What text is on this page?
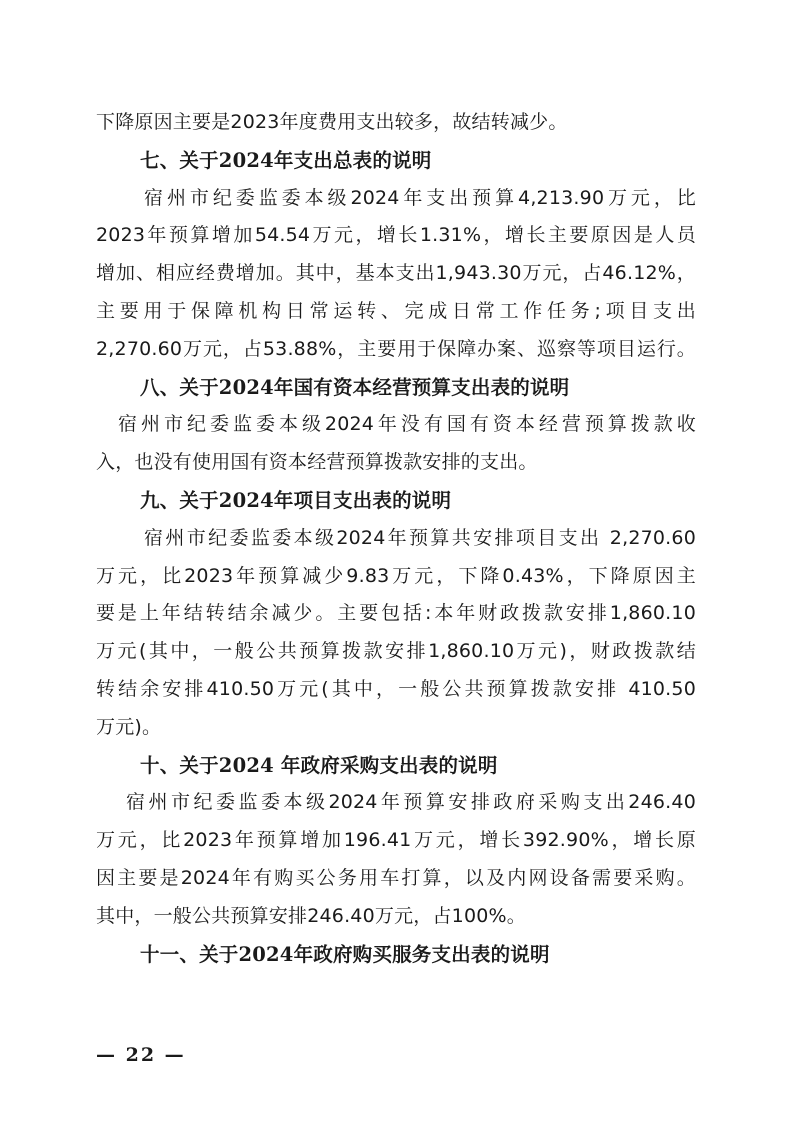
下降原因主要是2023年度费用支出较多，故结转减少。
七、关于2024年支出总表的说明
宿州市纪委监委本级2024年支出预算4,213.90万元，比
2023年预算增加54.54万元，增长1.31%，增长主要原因是人员
增加、相应经费增加。其中，基本支出1,943.30万元，占46.12%，
主要用于保障机构日常运转、完成日常工作任务;项目支出
2,270.60万元，占53.88%，主要用于保障办案、巡察等项目运行。
八、关于2024年国有资本经营预算支出表的说明
宿州市纪委监委本级2024年没有国有资本经营预算拨款收
入，也没有使用国有资本经营预算拨款安排的支出。
九、关于2024年项目支出表的说明
宿州市纪委监委本级2024年预算共安排项目支出 2,270.60
万元，比2023年预算减少9.83万元，下降0.43%，下降原因主
要是上年结转结余减少。主要包括:本年财政拨款安排1,860.10
万元(其中，一般公共预算拨款安排1,860.10万元)，财政拨款结
转结余安排410.50万元(其中，一般公共预算拨款安排 410.50
万元)。
十、关于2024 年政府采购支出表的说明
宿州市纪委监委本级2024年预算安排政府采购支出246.40
万元，比2023年预算增加196.41万元，增长392.90%，增长原
因主要是2024年有购买公务用车打算，以及内网设备需要采购。
其中，一般公共预算安排246.40万元，占100%。
十一、关于2024年政府购买服务支出表的说明
— 22 —
